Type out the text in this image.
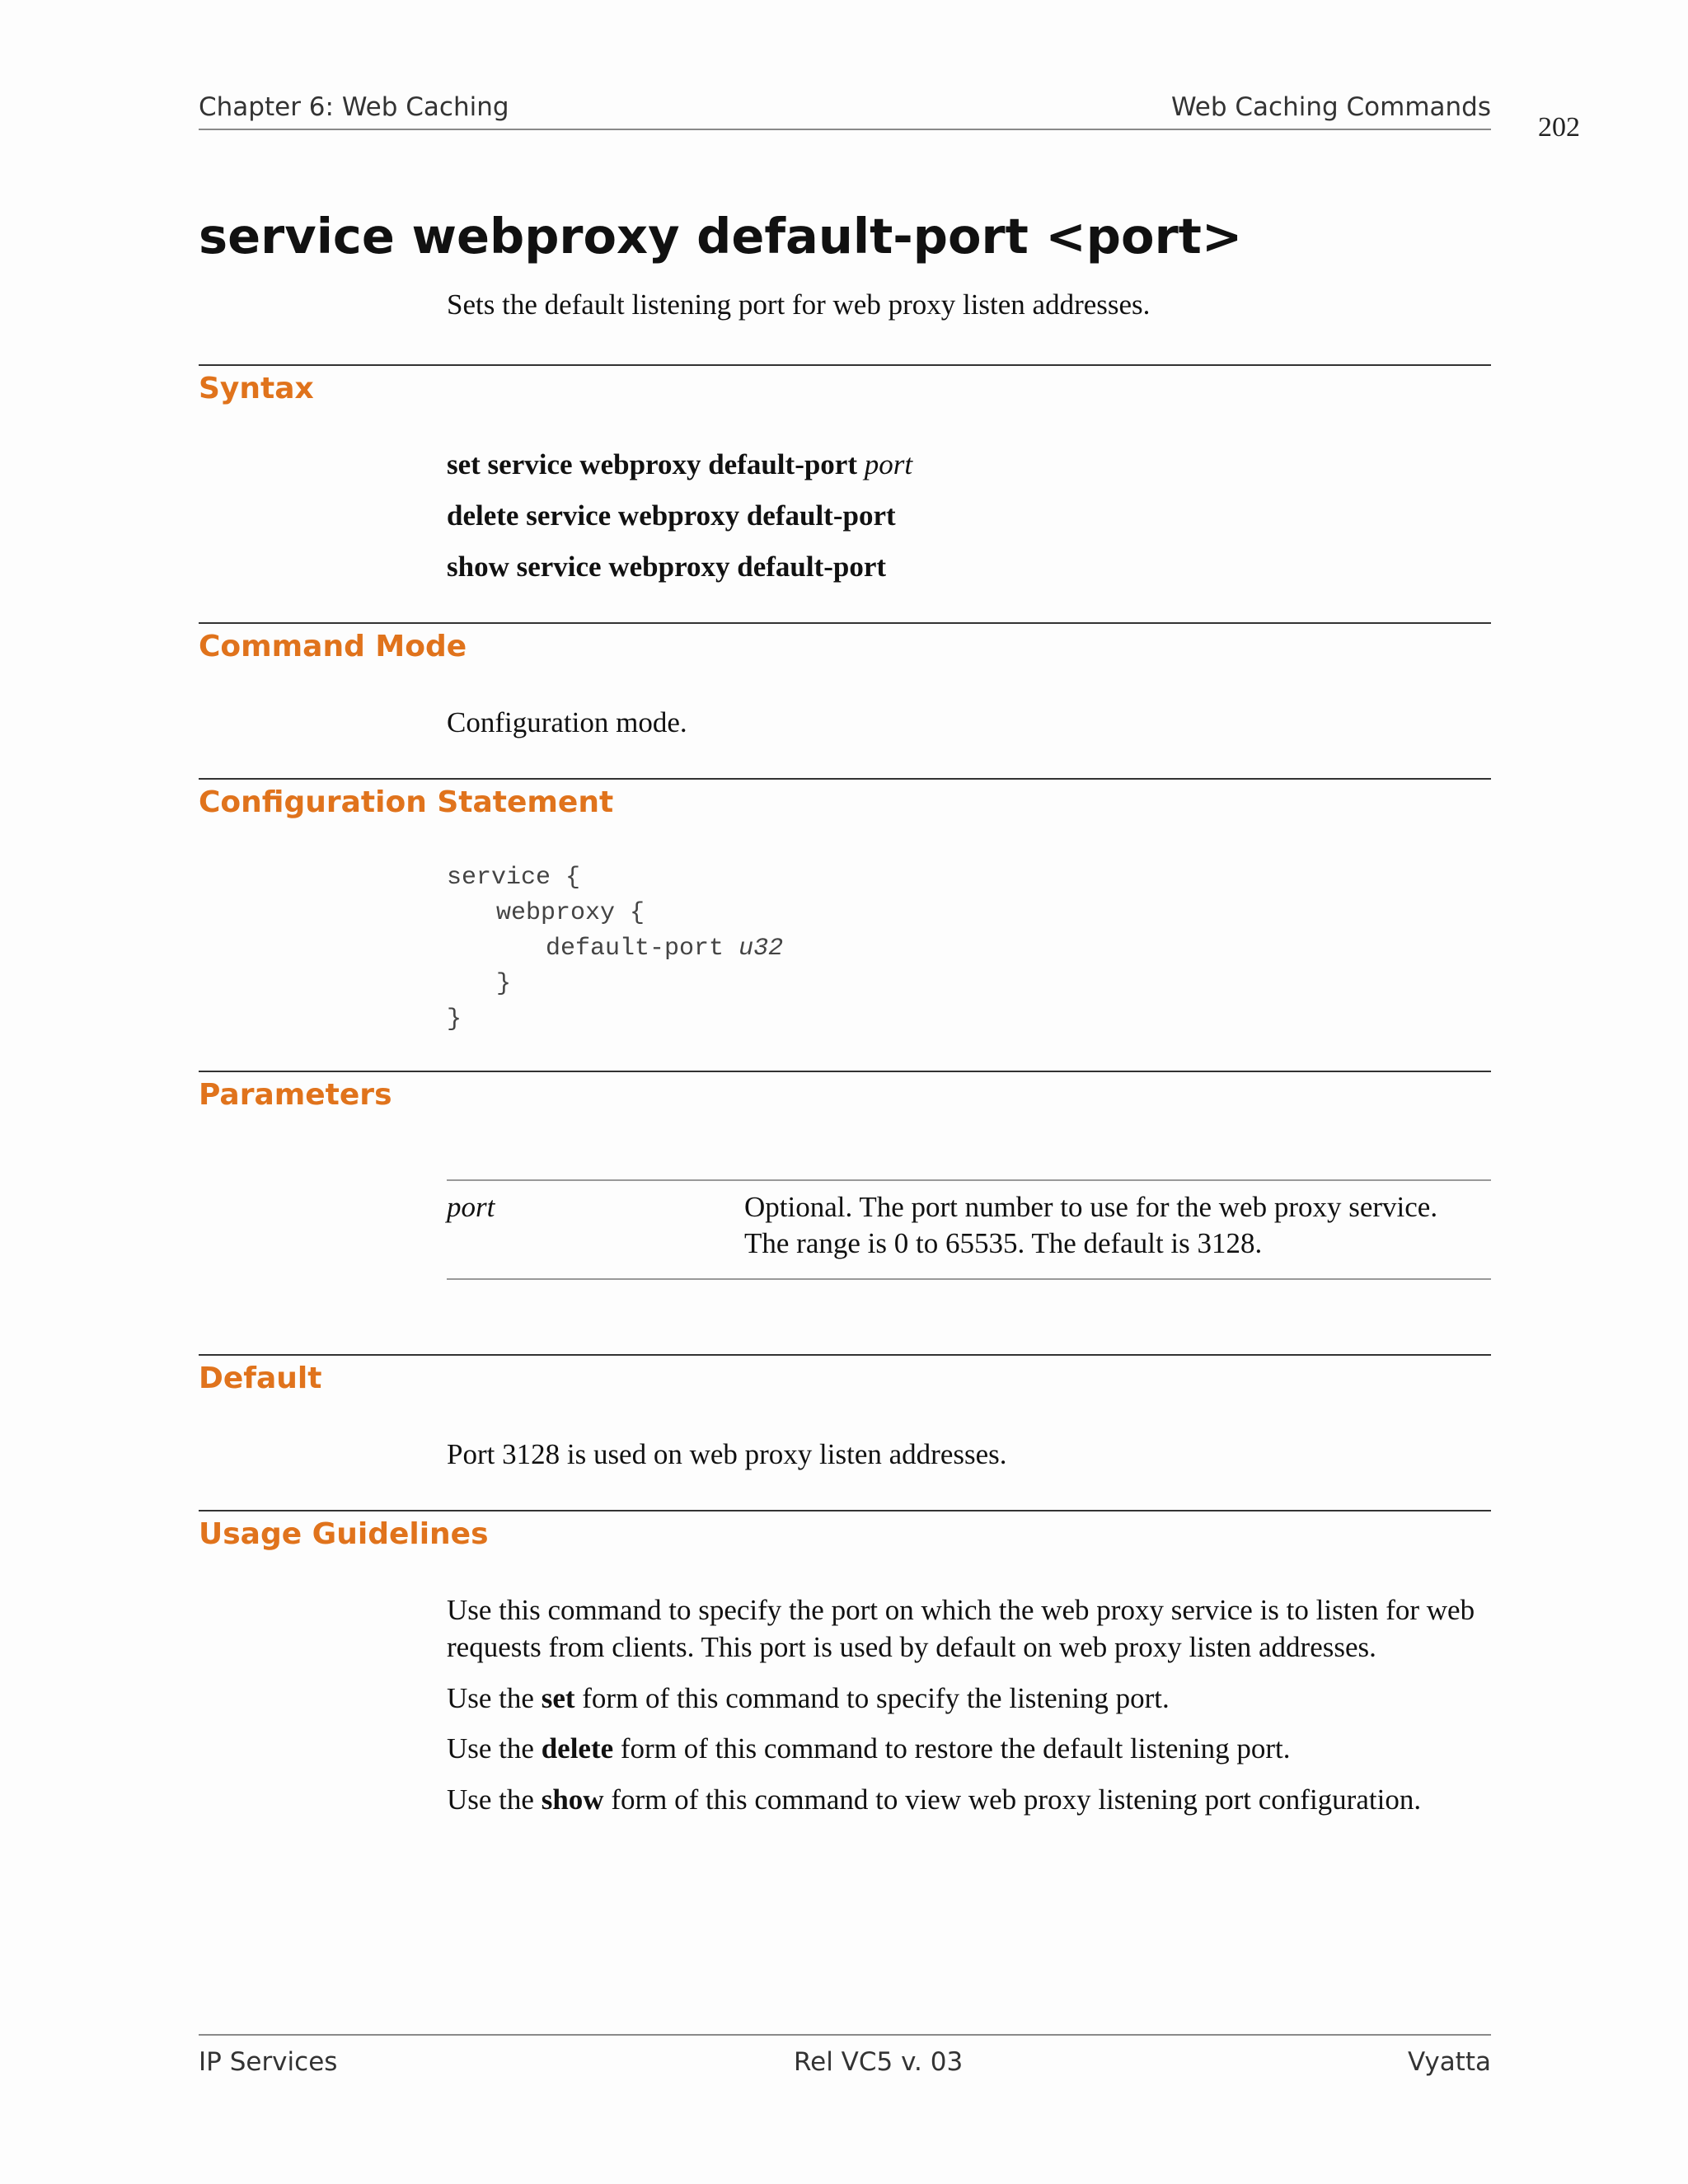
Chapter 6: Web Caching	Web Caching Commands
202
service webproxy default-port <port>
Sets the default listening port for web proxy listen addresses.
Syntax
set service webproxy default-port port
delete service webproxy default-port
show service webproxy default-port
Command Mode
Configuration mode.
Configuration Statement
service {
webproxy {
default-port u32
}
}
Parameters
port	Optional. The port number to use for the web proxy service.
The range is 0 to 65535. The default is 3128.
Default
Port 3128 is used on web proxy listen addresses.
Usage Guidelines
Use this command to specify the port on which the web proxy service is to listen for web
requests from clients. This port is used by default on web proxy listen addresses.
Use the set form of this command to specify the listening port.
Use the delete form of this command to restore the default listening port.
Use the show form of this command to view web proxy listening port configuration.
IP Services	Rel VC5 v. 03	Vyatta
